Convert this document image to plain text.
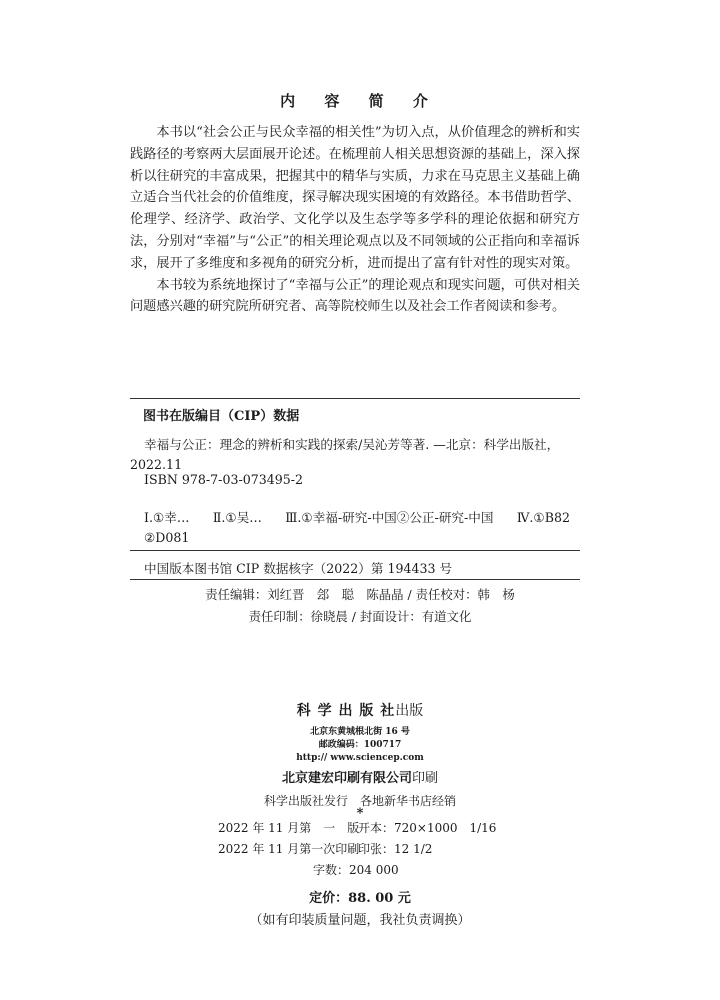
内 容 简 介

本书以“社会公正与民众幸福的相关性”为切入点，从价值理念的辨析和实践路径的考察两大层面展开论述。在梳理前人相关思想资源的基础上，深入探析以往研究的丰富成果，把握其中的精华与实质，力求在马克思主义基础上确立适合当代社会的价值维度，探寻解决现实困境的有效路径。本书借助哲学、伦理学、经济学、政治学、文化学以及生态学等多学科的理论依据和研究方法，分别对“幸福”与“公正”的相关理论观点以及不同领域的公正指向和幸福诉求，展开了多维度和多视角的研究分析，进而提出了富有针对性的现实对策。

本书较为系统地探讨了“幸福与公正”的理论观点和现实问题，可供对相关问题感兴趣的研究院所研究者、高等院校师生以及社会工作者阅读和参考。

图书在版编目（CIP）数据
幸福与公正：理念的辨析和实践的探索/吴沁芳等著. —北京：科学出版社，2022.11
ISBN 978-7-03-073495-2
Ⅰ.①幸… Ⅱ.①吴… Ⅲ.①幸福-研究-中国②公正-研究-中国 Ⅳ.①B82
②D081
中国版本图书馆 CIP 数据核字（2022）第 194433 号
责任编辑：刘红晋　郐　聪　陈晶晶 / 责任校对：韩　杨
责任印制：徐晓晨 / 封面设计：有道文化
科 学 出 版 社出版
北京东黄城根北街 16 号
邮政编码：100717
http:// www.sciencep.com
北京建宏印刷有限公司印刷
科学出版社发行　各地新华书店经销
*
2022 年 11 月第　一　版
开本：720×1000　1/16
2022 年 11 月第一次印刷
印张：12 1/2
字数：204 000
定价：88. 00 元
（如有印装质量问题，我社负责调换）
